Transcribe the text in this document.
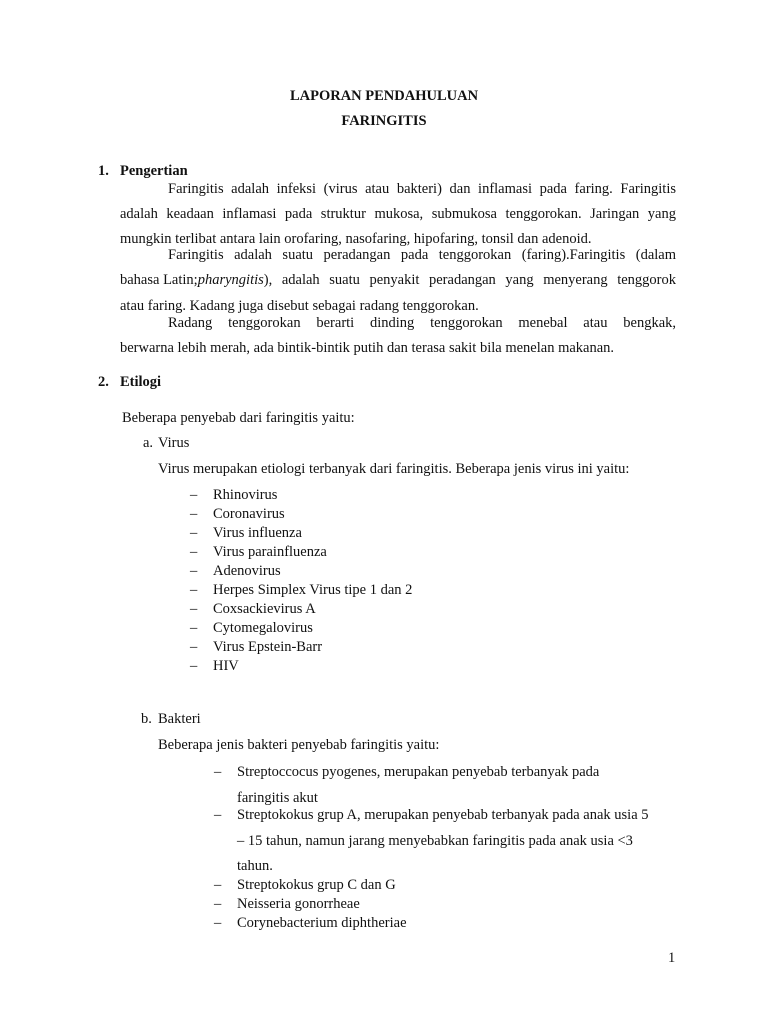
LAPORAN PENDAHULUAN
FARINGITIS
1. Pengertian
Faringitis adalah infeksi (virus atau bakteri) dan inflamasi pada faring. Faringitis
adalah keadaan inflamasi pada struktur mukosa, submukosa tenggorokan. Jaringan yang
mungkin terlibat antara lain orofaring, nasofaring, hipofaring, tonsil dan adenoid.
Faringitis adalah suatu peradangan pada tenggorokan (faring).Faringitis (dalam
bahasa Latin; pharyngitis ), adalah suatu penyakit peradangan yang menyerang tenggorok
atau faring. Kadang juga disebut sebagai radang tenggorokan.
Radang tenggorokan berarti dinding tenggorokan menebal atau bengkak,
berwarna lebih merah, ada bintik-bintik putih dan terasa sakit bila menelan makanan.
2. Etilogi
Beberapa penyebab dari faringitis yaitu:
a. Virus
Virus merupakan etiologi terbanyak dari faringitis. Beberapa jenis virus ini yaitu:
– Rhinovirus
– Coronavirus
– Virus influenza
– Virus parainfluenza
– Adenovirus
– Herpes Simplex Virus tipe 1 dan 2
– Coxsackievirus A
– Cytomegalovirus
– Virus Epstein-Barr
– HIV
b. Bakteri
Beberapa jenis bakteri penyebab faringitis yaitu:
– Streptoccocus pyogenes, merupakan penyebab terbanyak pada
faringitis akut
– Streptokokus grup A, merupakan penyebab terbanyak pada anak usia 5
– 15 tahun, namun jarang menyebabkan faringitis pada anak usia <3
tahun.
– Streptokokus grup C dan G
– Neisseria gonorrheae
– Corynebacterium diphtheriae
1
